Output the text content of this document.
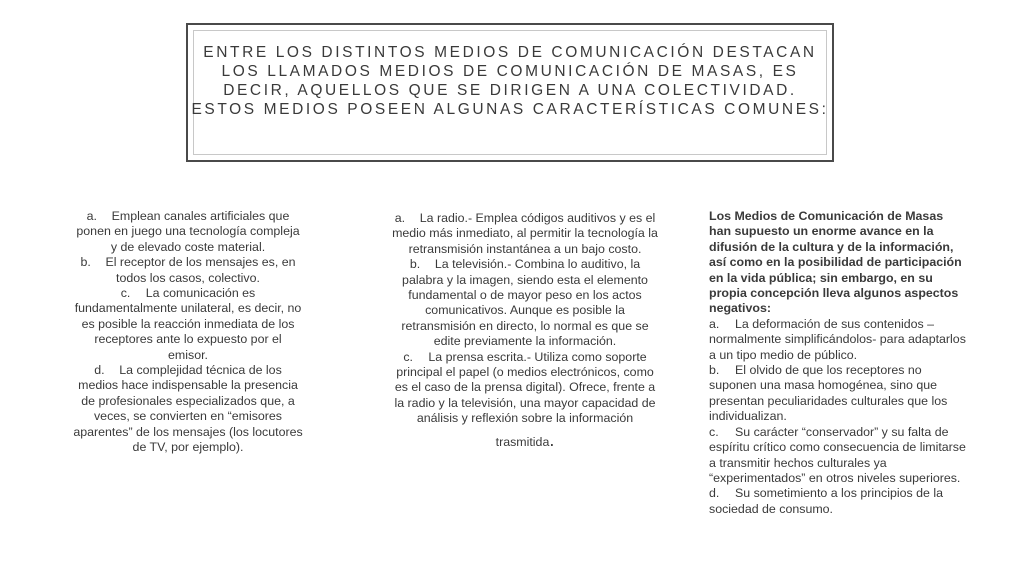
ENTRE LOS DISTINTOS MEDIOS DE COMUNICACIÓN DESTACAN
LOS LLAMADOS MEDIOS DE COMUNICACIÓN DE MASAS, ES
DECIR, AQUELLOS QUE SE DIRIGEN A UNA COLECTIVIDAD.
ESTOS MEDIOS POSEEN ALGUNAS CARACTERÍSTICAS COMUNES:
a. Emplean canales artificiales que ponen en juego una tecnología compleja y de elevado coste material.
b. El receptor de los mensajes es, en todos los casos, colectivo.
c. La comunicación es fundamentalmente unilateral, es decir, no es posible la reacción inmediata de los receptores ante lo expuesto por el emisor.
d. La complejidad técnica de los medios hace indispensable la presencia de profesionales especializados que, a veces, se convierten en “emisores aparentes” de los mensajes (los locutores de TV, por ejemplo).
a. La radio.- Emplea códigos auditivos y es el medio más inmediato, al permitir la tecnología la retransmisión instantánea a un bajo costo.
b. La televisión.- Combina lo auditivo, la palabra y la imagen, siendo esta el elemento fundamental o de mayor peso en los actos comunicativos. Aunque es posible la retransmisión en directo, lo normal es que se edite previamente la información.
c. La prensa escrita.- Utiliza como soporte principal el papel (o medios electrónicos, como es el caso de la prensa digital). Ofrece, frente a la radio y la televisión, una mayor capacidad de análisis y reflexión sobre la información
trasmitida.
Los Medios de Comunicación de Masas han supuesto un enorme avance en la difusión de la cultura y de la información, así como en la posibilidad de participación en la vida pública; sin embargo, en su propia concepción lleva algunos aspectos negativos:
a. La deformación de sus contenidos – normalmente simplificándolos- para adaptarlos a un tipo medio de público.
b. El olvido de que los receptores no suponen una masa homogénea, sino que presentan peculiaridades culturales que los individualizan.
c. Su carácter “conservador” y su falta de espíritu crítico como consecuencia de limitarse a transmitir hechos culturales ya “experimentados” en otros niveles superiores.
d. Su sometimiento a los principios de la sociedad de consumo.
